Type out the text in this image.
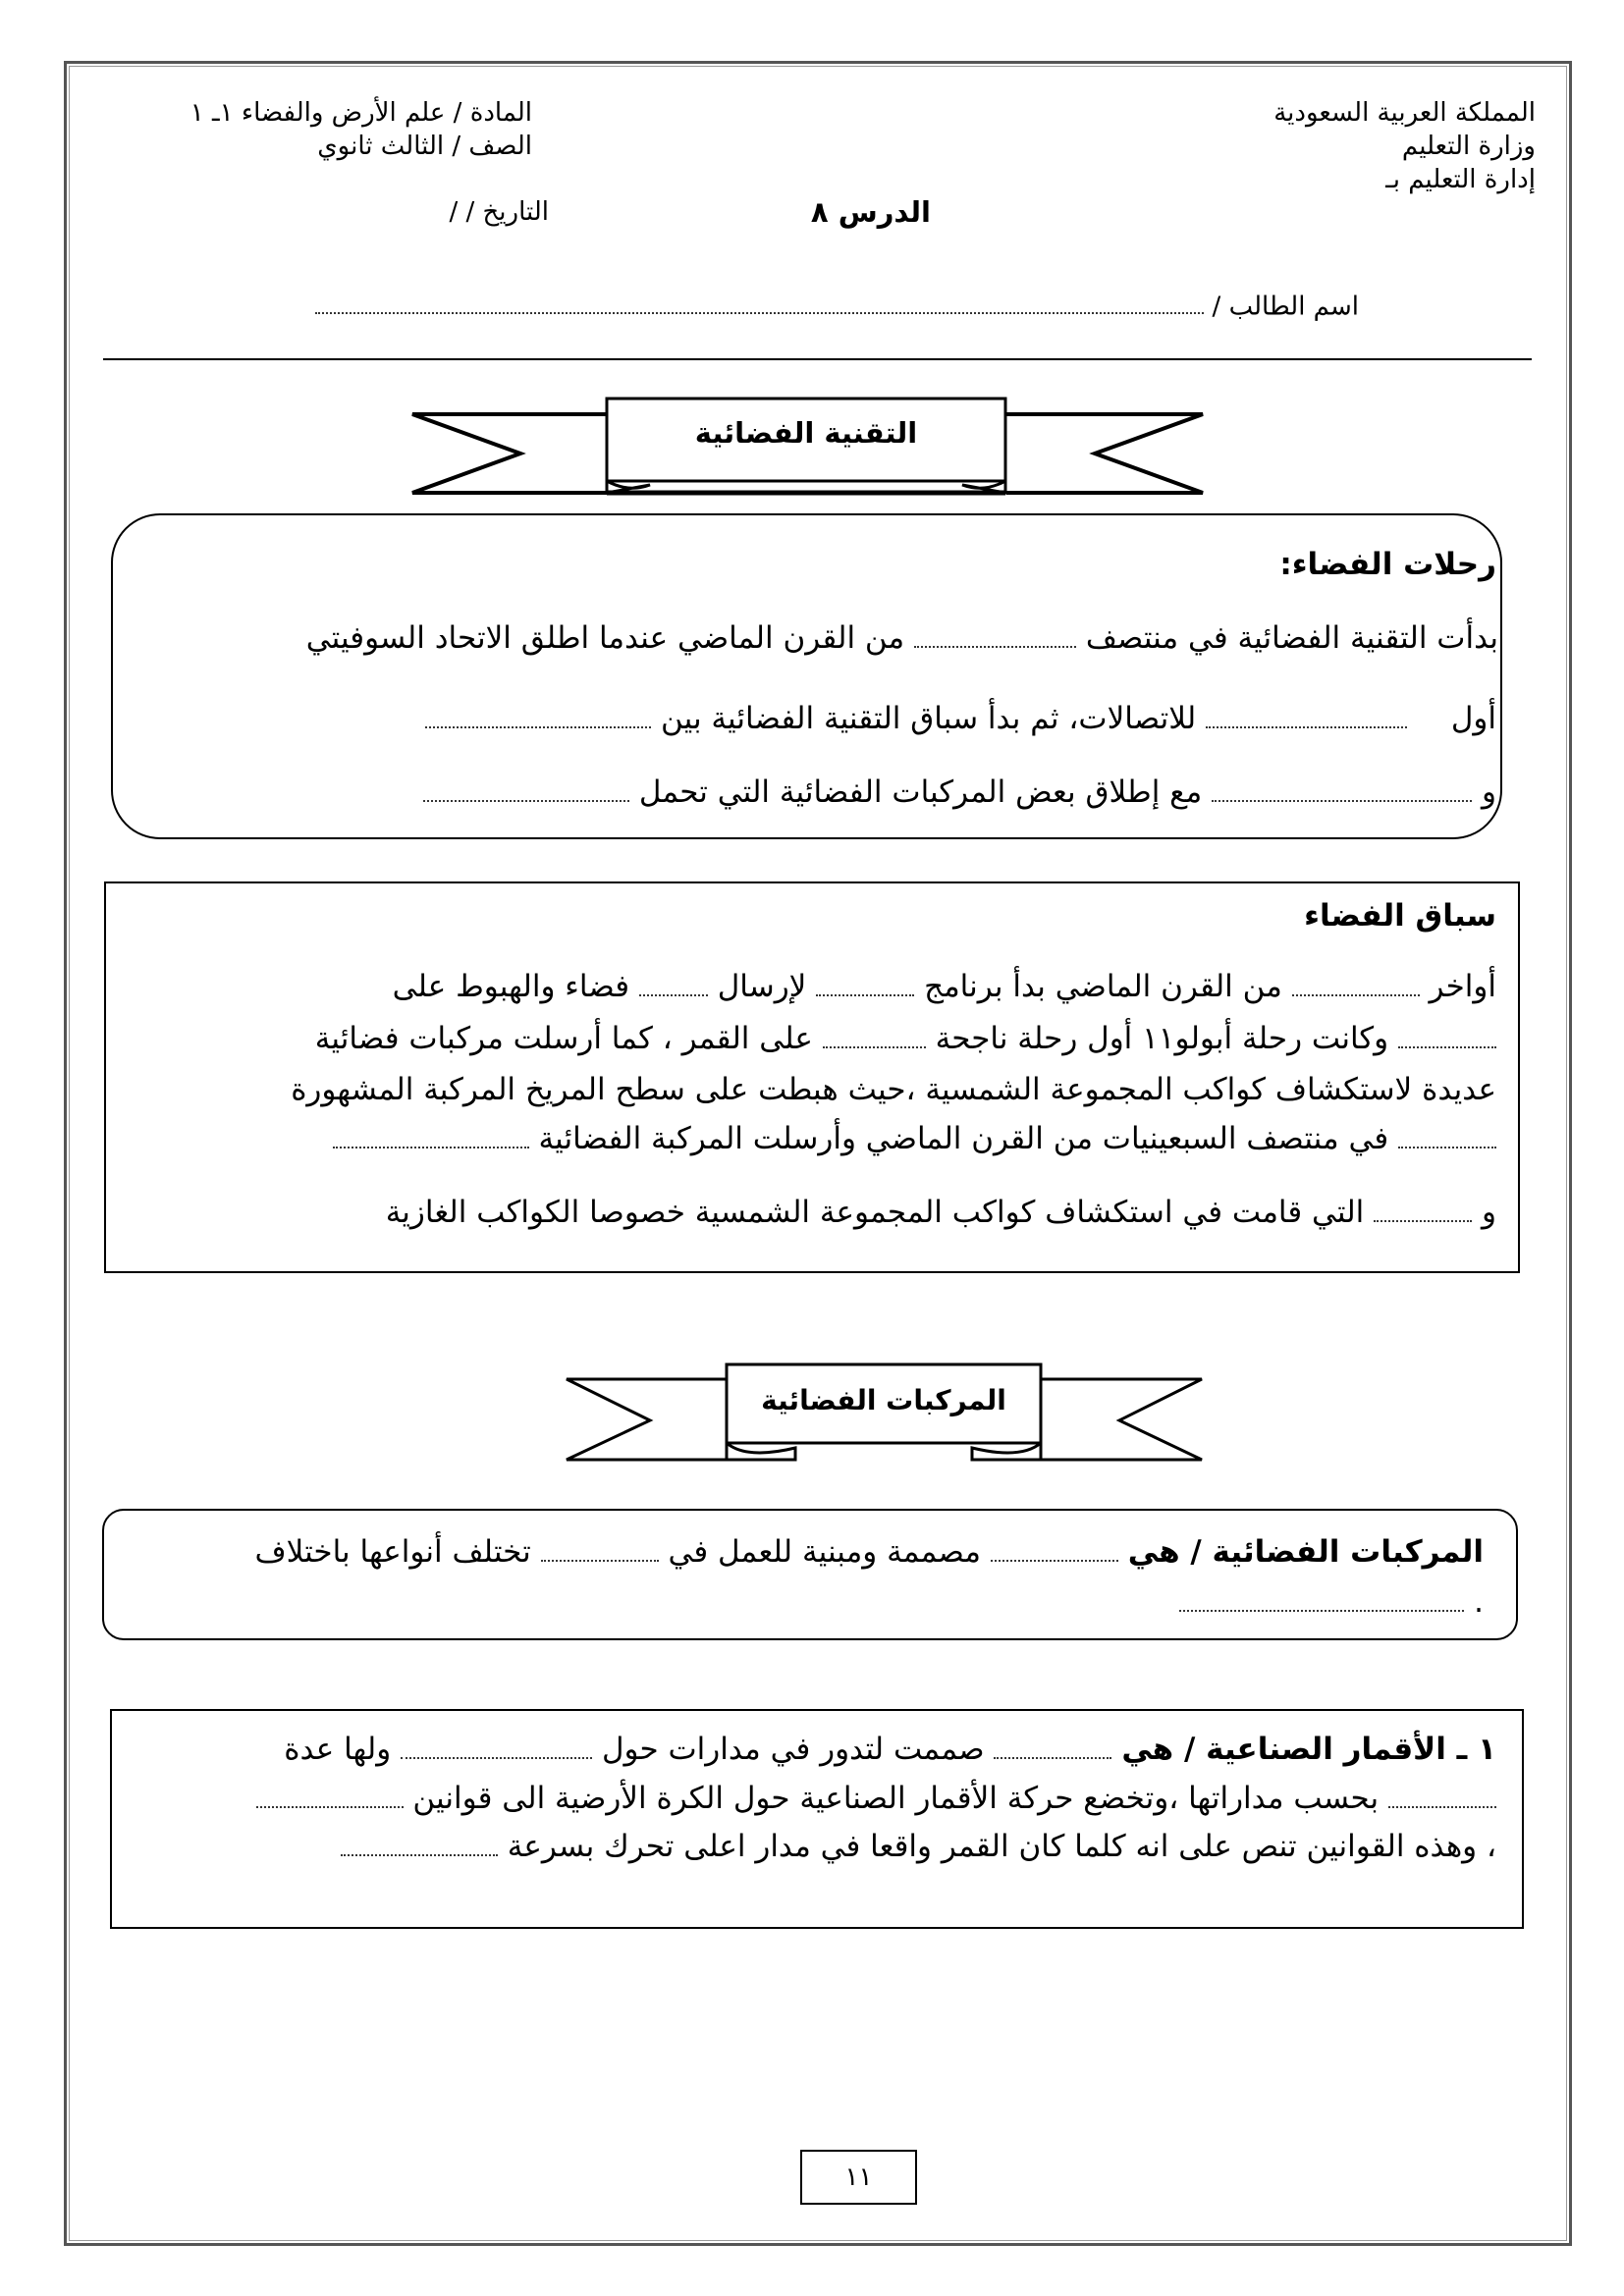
المملكة العربية السعودية
وزارة التعليم
إدارة التعليم بـ
المادة / علم الأرض والفضاء ١ـ ١
الصف / الثالث ثانوي
التاريخ / /	الدرس ٨
اسم الطالب /
التقنية الفضائية
رحلات الفضاء:
بدأت التقنية الفضائية في منتصف  من القرن الماضي عندما اطلق الاتحاد السوفيتي
أول  للاتصالات، ثم بدأ سباق التقنية الفضائية بين
و  مع إطلاق بعض المركبات الفضائية التي تحمل
سباق الفضاء
أواخر  من القرن الماضي بدأ برنامج  لإرسال  فضاء والهبوط على
وكانت رحلة أبولو١١ أول رحلة ناجحة  على القمر ، كما أرسلت مركبات فضائية
عديدة لاستكشاف كواكب المجموعة الشمسية ،حيث هبطت على سطح المريخ المركبة المشهورة
في منتصف السبعينيات من القرن الماضي وأرسلت المركبة الفضائية
و  التي قامت في استكشاف كواكب المجموعة الشمسية خصوصا الكواكب الغازية
المركبات الفضائية
المركبات الفضائية / هي  مصممة ومبنية للعمل في  تختلف أنواعها باختلاف
.
١ ـ الأقمار الصناعية / هي  صممت لتدور في مدارات حول  ولها عدة
بحسب مداراتها ،وتخضع حركة الأقمار الصناعية حول الكرة الأرضية الى قوانين
، وهذه القوانين تنص على انه كلما كان القمر واقعا في مدار اعلى تحرك بسرعة
١١
